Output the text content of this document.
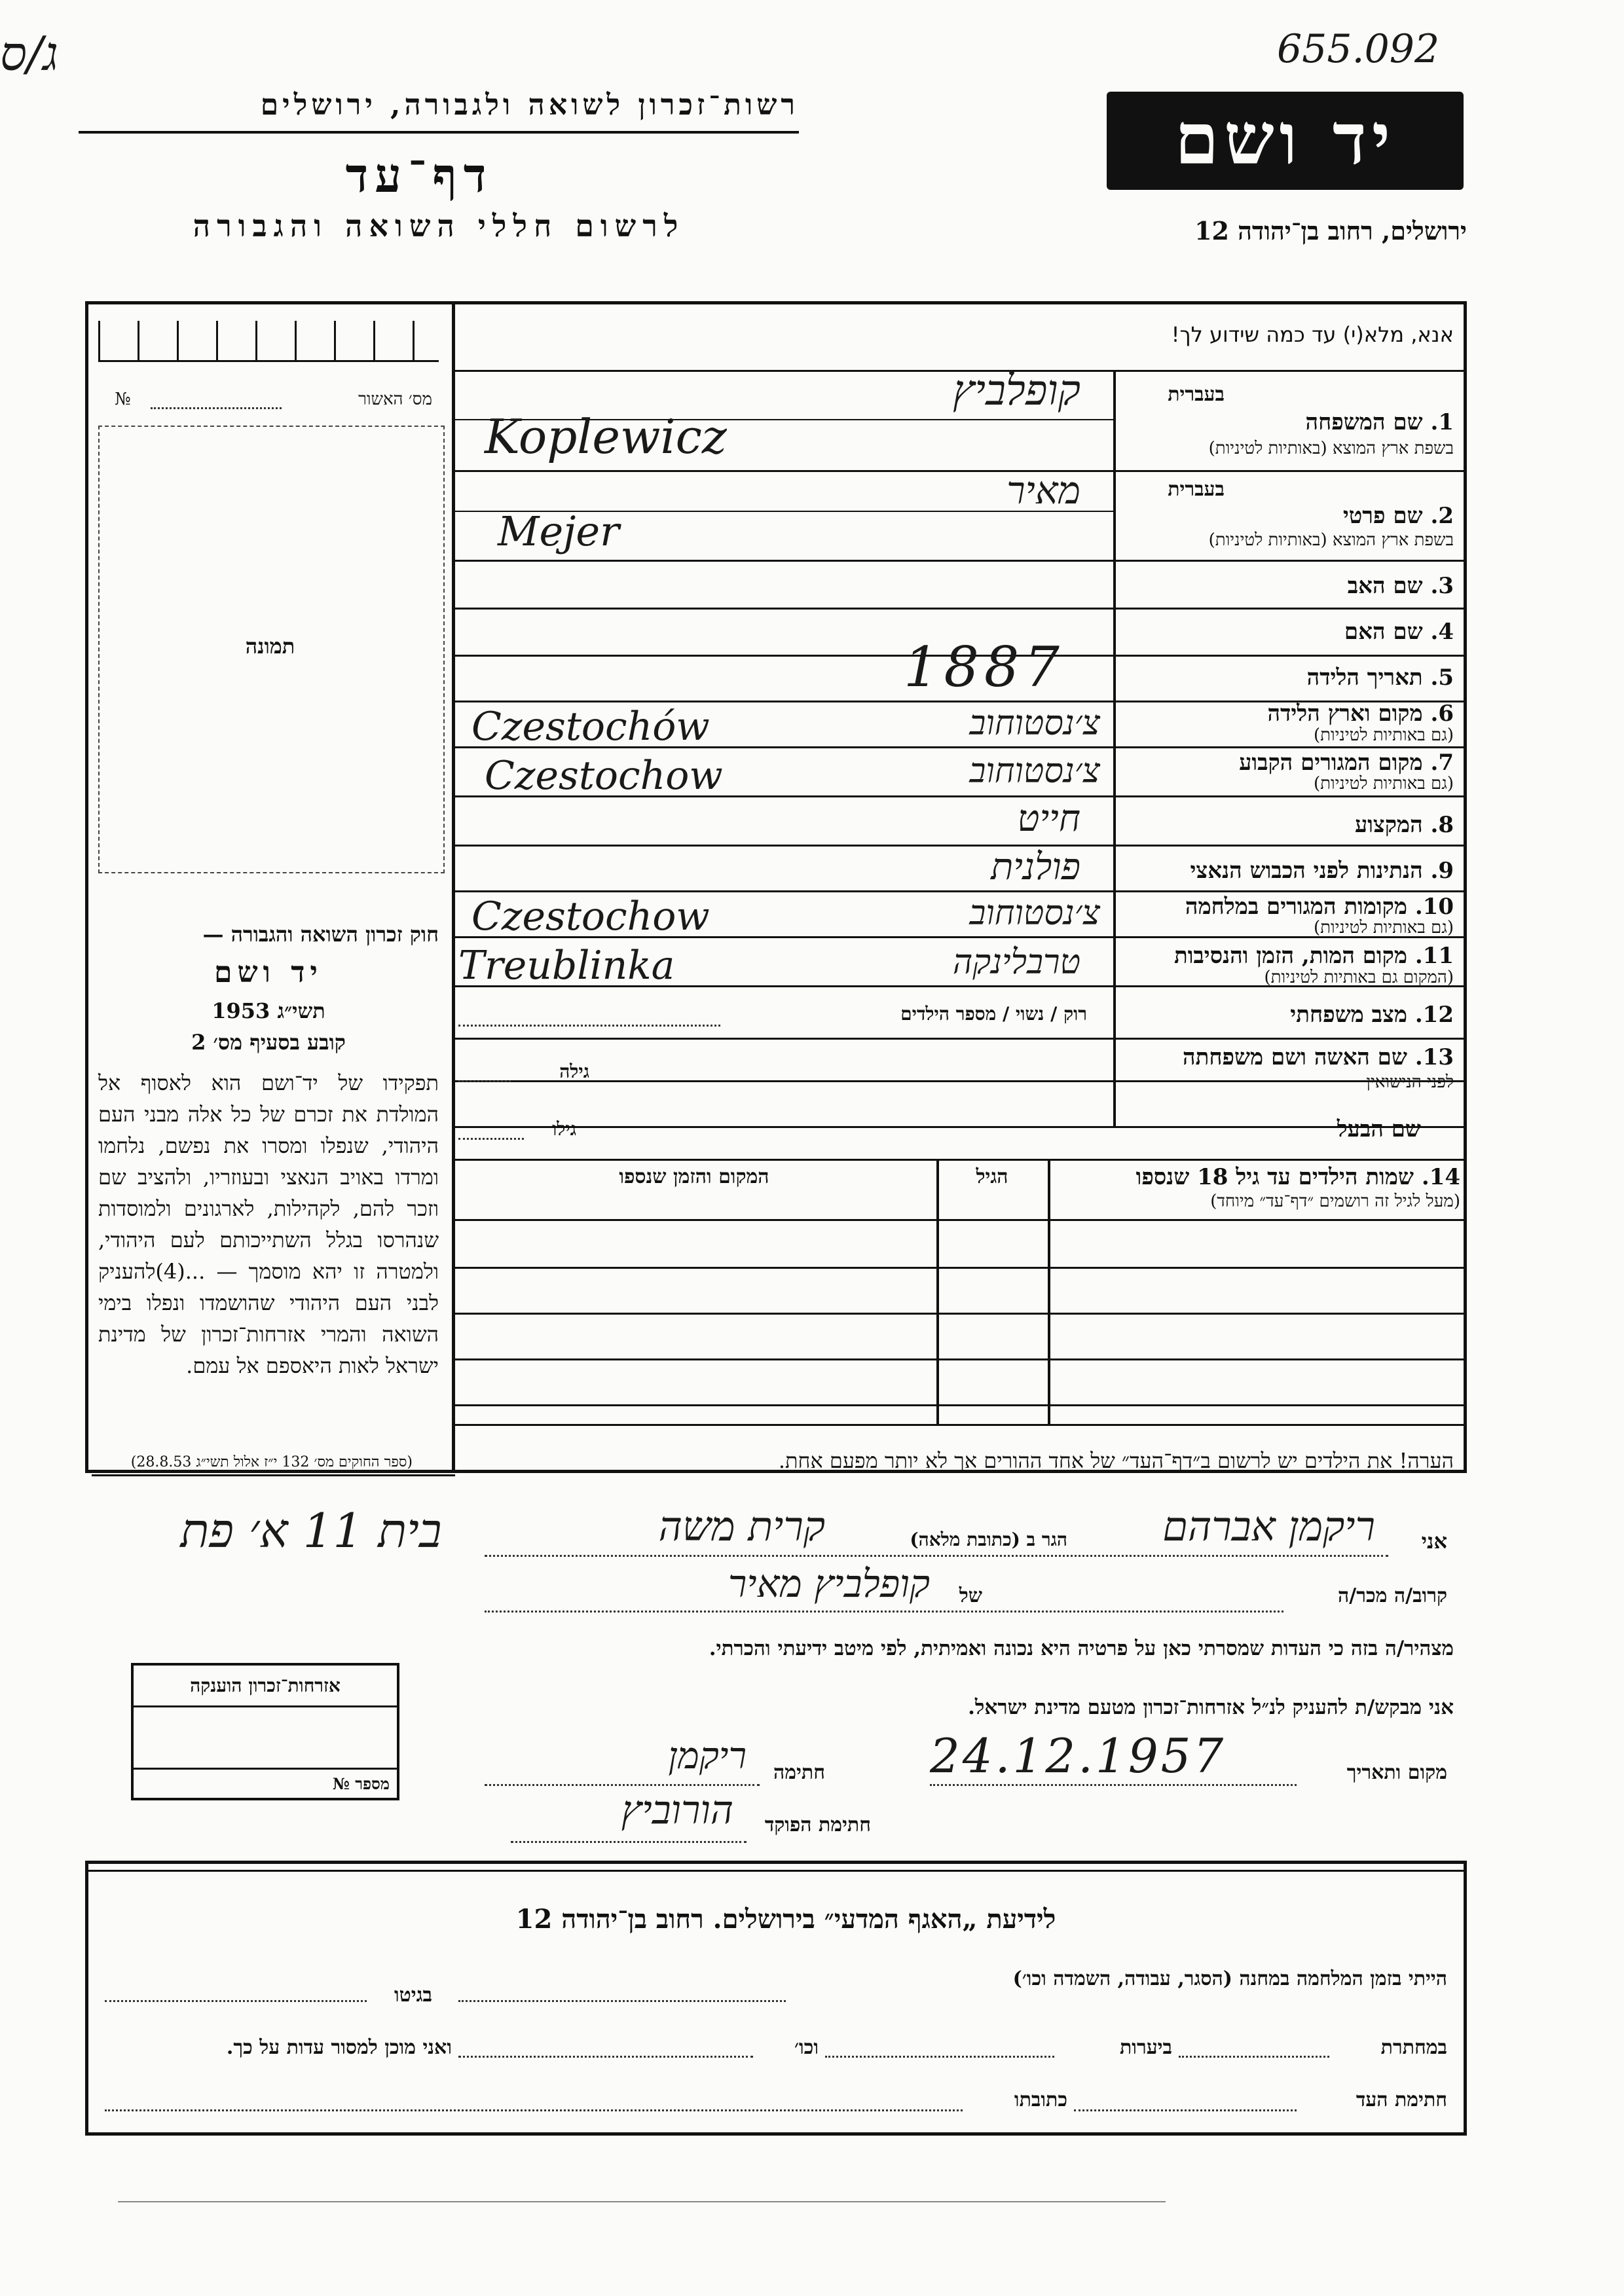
ג/ס	655.092
רשות־זכרון לשואה ולגבורה, ירושלים
דף־עד
לרשום חללי השואה והגבורה
יד ושם
ירושלים, רחוב בן־יהודה 12
מס׳ האשור
№
תמונה
חוק זכרון השואה והגבורה —
יד ושם
תשי״ג 1953
קובע בסעיף מס׳ 2
תפקידו של יד־ושם הוא לאסוף אל המולדת את זכרם של כל אלה מבני העם היהודי, שנפלו ומסרו את נפשם, נלחמו ומרדו באויב הנאצי ובעוזריו, ולהציב שם וזכר להם, לקהילות, לארגונים ולמוסדות שנהרסו בגלל השתייכותם לעם היהודי, ולמטרה זו יהא מוסמך — ...(4)להעניק לבני העם היהודי שהושמדו ונפלו בימי השואה והמרי אזרחות־זכרון של מדינת ישראל לאות היאספם אל עמם.
(ספר החוקים מס׳ 132 י״ז אלול תשי״ג 28.8.53)
אנא, מלא(י) עד כמה שידוע לך!
בעברית
1. שם המשפחה
בשפת ארץ המוצא (באותיות לטיניות)
קופלביץ
Koplewicz
בעברית
2. שם פרטי
בשפת ארץ המוצא (באותיות לטיניות)
מאיר
Mejer
3. שם האב
4. שם האם
5. תאריך הלידה
1887
6. מקום וארץ הלידה
(גם באותיות לטיניות)
צ׳נסטוחוב
Czestochów
7. מקום המגורים הקבוע
(גם באותיות לטיניות)
צ׳נסטוחוב
Czestochow
8. המקצוע
חייט
9. הנתינות לפני הכבוש הנאצי
פולנית
10. מקומות המגורים במלחמה
(גם באותיות לטיניות)
צ׳נסטוחוב
Czestochow
11. מקום המות, הזמן והנסיבות
(המקום גם באותיות לטיניות)
טרבלינקה
Treublinka
12. מצב משפחתי
רוק / נשוי / מספר הילדים
13. שם האשה ושם משפחתה
לפני הנישואין
גילה
שם הבעל
גילו
14. שמות הילדים עד גיל 18 שנספו
(מעל לגיל זה רושמים ״דף־עד״ מיוחד)
הגיל
המקום והזמן שנספו
הערה! את הילדים יש לרשום ב״דף־העד״ של אחד ההורים אך לא יותר מפעם אחת.
בית 11 א׳ פת	אני
ריקמן אברהם
הגר ב (כתובת מלאה)
קרית משה
קרוב/ה מכר/ה
של
קופלביץ מאיר
מצהיר/ה בזה כי העדות שמסרתי כאן על פרטיה היא נכונה ואמיתית, לפי מיטב ידיעתי והכרתי.
אני מבקש/ת להעניק לנ״ל אזרחות־זכרון מטעם מדינת ישראל.
מקום ותאריך
24.12.1957
חתימה
ריקמן
חתימת הפוקד
הורוביץ
אזרחות־זכרון הוענקה
מספר №
לידיעת „האגף המדעי״ בירושלים. רחוב בן־יהודה 12
הייתי בזמן המלחמה במחנה (הסגר, עבודה, השמדה וכו׳)
בגיטו
במחתרת
ביערות
וכו׳
ואני מוכן למסור עדות על כך.
חתימת העד
כתובתו
